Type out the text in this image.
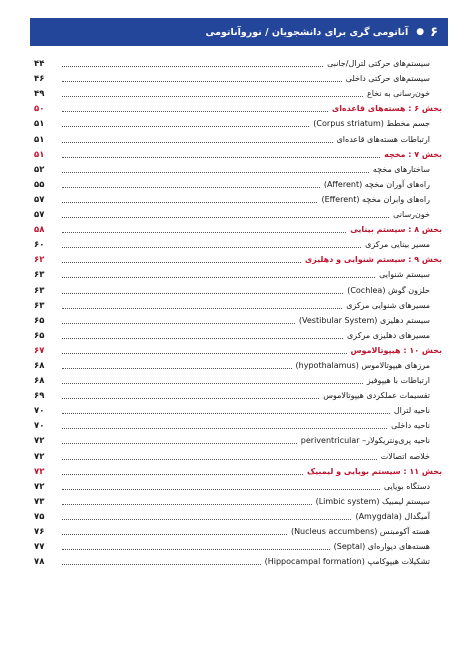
۶
●
آناتومی گری برای دانشجویان / نوروآناتومی
سیستم‌های حرکتی لترال/جانبی
۴۴
سیستم‌های حرکتی داخلی
۴۶
خون‌رسانی به نخاع
۴۹
بخش ۶ : هسته‌های قاعده‌ای
۵۰
جسم مخطط (Corpus striatum)
۵۱
ارتباطات هسته‌های قاعده‌ای
۵۱
بخش ۷ : مخچه
۵۱
ساختارهای مخچه
۵۲
راه‌های آوران مخچه (Afferent)
۵۵
راه‌های وابران مخچه (Efferent)
۵۷
خون‌رسانی
۵۷
بخش ۸ : سیستم بینایی
۵۸
مسیر بینایی مرکزی
۶۰
بخش ۹ : سیستم شنوایی و دهلیزی
۶۲
سیستم شنوایی
۶۳
حلزون گوش (Cochlea)
۶۳
مسیرهای شنوایی مرکزی
۶۳
سیستم دهلیزی (Vestibular System)
۶۵
مسیرهای دهلیزی مرکزی
۶۵
بخش ۱۰ : هیپوتالاموس
۶۷
مرزهای هیپوتالاموس (hypothalamus)
۶۸
ارتباطات با هیپوفیز
۶۸
تقسیمات عملکردی هیپوتالاموس
۶۹
ناحیه لترال
۷۰
ناحیه داخلی
۷۰
ناحیه پری‌ونتریکولار– periventricular
۷۲
خلاصه اتصالات
۷۲
بخش ۱۱ : سیستم بویایی و لیمبیک
۷۲
دستگاه بویایی
۷۲
سیستم لیمبیک (Limbic system)
۷۳
آمیگدال (Amygdala)
۷۵
هسته آکومبنس (Nucleus accumbens)
۷۶
هسته‌های دیواره‌ای (Septal)
۷۷
تشکیلات هیپوکامپ (Hippocampal formation)
۷۸
